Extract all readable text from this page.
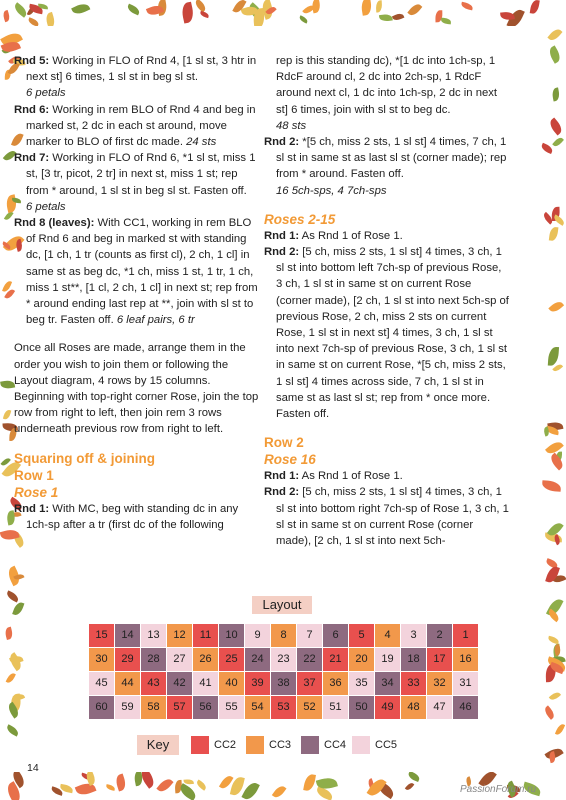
Rnd 5: Working in FLO of Rnd 4, [1 sl st, 3 htr in next st] 6 times, 1 sl st in beg sl st.
6 petals
Rnd 6: Working in rem BLO of Rnd 4 and beg in marked st, 2 dc in each st around, move marker to BLO of first dc made. 24 sts
Rnd 7: Working in FLO of Rnd 6, *1 sl st, miss 1 st, [3 tr, picot, 2 tr] in next st, miss 1 st; rep from * around, 1 sl st in beg sl st. Fasten off.
6 petals
Rnd 8 (leaves): With CC1, working in rem BLO of Rnd 6 and beg in marked st with standing dc, [1 ch, 1 tr (counts as first cl), 2 ch, 1 cl] in same st as beg dc, *1 ch, miss 1 st, 1 tr, 1 ch, miss 1 st**, [1 cl, 2 ch, 1 cl] in next st; rep from * around ending last rep at **, join with sl st to beg tr. Fasten off. 6 leaf pairs, 6 tr
Once all Roses are made, arrange them in the order you wish to join them or following the Layout diagram, 4 rows by 15 columns. Beginning with top-right corner Rose, join the top row from right to left, then join rem 3 rows underneath previous row from right to left.
Squaring off & joining
Row 1
Rose 1
Rnd 1: With MC, beg with standing dc in any 1ch-sp after a tr (first dc of the following
rep is this standing dc), *[1 dc into 1ch-sp, 1 RdcF around cl, 2 dc into 2ch-sp, 1 RdcF around next cl, 1 dc into 1ch-sp, 2 dc in next st] 6 times, join with sl st to beg dc.
48 sts
Rnd 2: *[5 ch, miss 2 sts, 1 sl st] 4 times, 7 ch, 1 sl st in same st as last sl st (corner made); rep from * around. Fasten off.
16 5ch-sps, 4 7ch-sps
Roses 2-15
Rnd 1: As Rnd 1 of Rose 1.
Rnd 2: [5 ch, miss 2 sts, 1 sl st] 4 times, 3 ch, 1 sl st into bottom left 7ch-sp of previous Rose, 3 ch, 1 sl st in same st on current Rose (corner made), [2 ch, 1 sl st into next 5ch-sp of previous Rose, 2 ch, miss 2 sts on current Rose, 1 sl st in next st] 4 times, 3 ch, 1 sl st into next 7ch-sp of previous Rose, 3 ch, 1 sl st in same st on current Rose, *[5 ch, miss 2 sts, 1 sl st] 4 times across side, 7 ch, 1 sl st in same st as last sl st; rep from * once more. Fasten off.
Row 2
Rose 16
Rnd 1: As Rnd 1 of Rose 1.
Rnd 2: [5 ch, miss 2 sts, 1 sl st] 4 times, 3 ch, 1 sl st into bottom right 7ch-sp of Rose 1, 3 ch, 1 sl st in same st on current Rose (corner made), [2 ch, 1 sl st into next 5ch-
Layout
15	14	13	12	11	10	9	8	7	6	5	4	3	2	1
30	29	28	27	26	25	24	23	22	21	20	19	18	17	16
45	44	43	42	41	40	39	38	37	36	35	34	33	32	31
60	59	58	57	56	55	54	53	52	51	50	49	48	47	46
Key	CC2	CC3	CC4	CC5
14
PassionForum.ru
